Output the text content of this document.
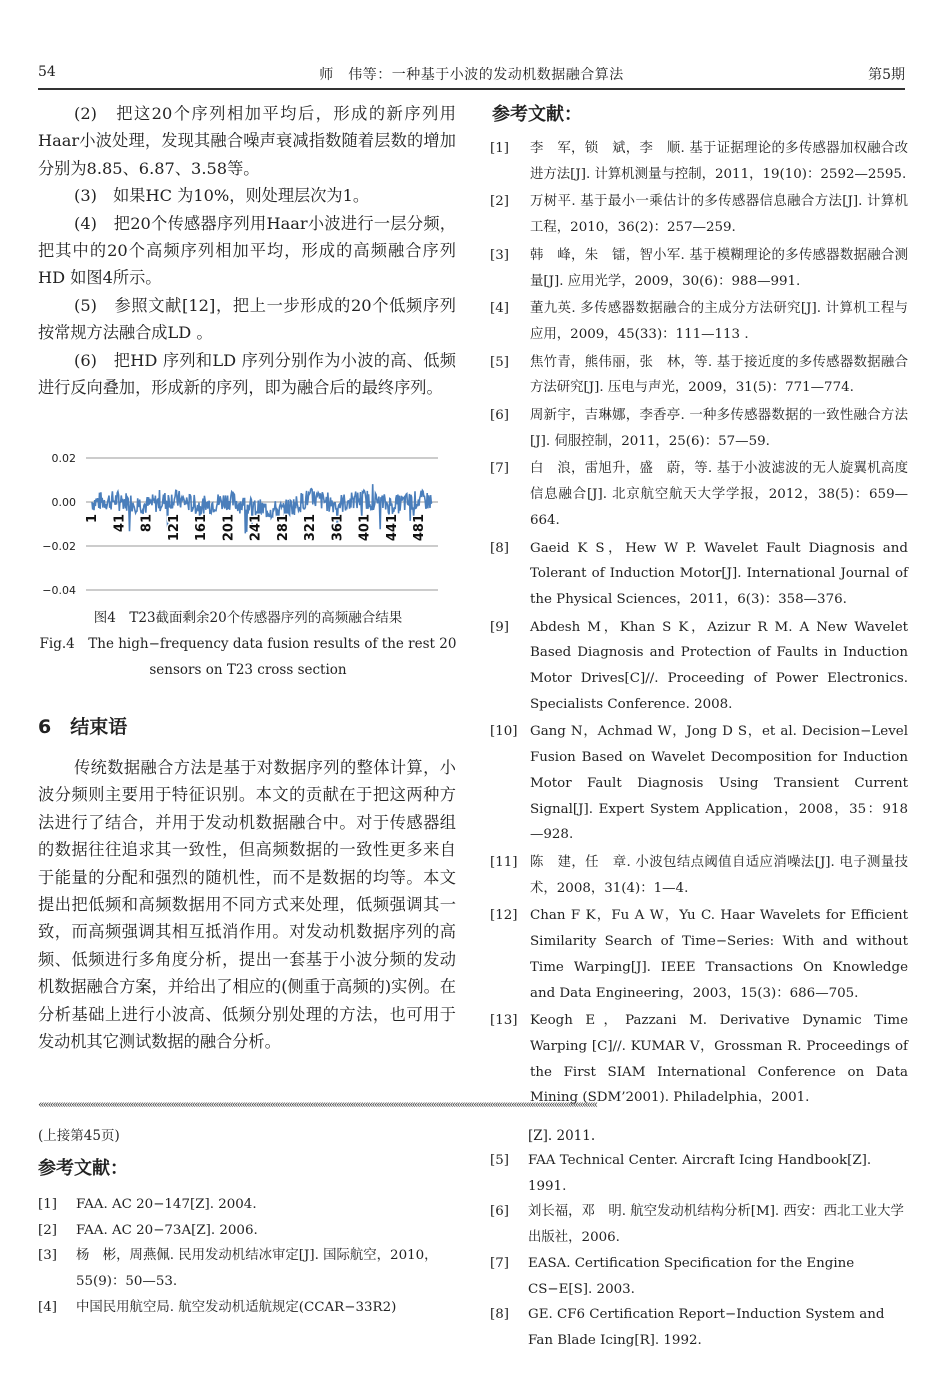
54	师　伟等：一种基于小波的发动机数据融合算法	第5期

(2)　把这20个序列相加平均后，形成的新序列用Haar小波处理，发现其融合噪声衰减指数随着层数的增加分别为8.85、6.87、3.58等。

(3)　如果HC 为10%，则处理层次为1。

(4)　把20个传感器序列用Haar小波进行一层分频，把其中的20个高频序列相加平均，形成的高频融合序列HD 如图4所示。

(5)　参照文献[12]，把上一步形成的20个低频序列按常规方法融合成LD 。

(6)　把HD 序列和LD 序列分别作为小波的高、低频进行反向叠加，形成新的序列，即为融合后的最终序列。

0.02
0.00
−0.02
−0.04
1 41 81 121 161 201 241 281 321 361 401 441 481
图4　T23截面剩余20个传感器序列的高频融合结果
Fig.4　The high−frequency data fusion results of the rest 20
sensors on T23 cross section
6　结束语

传统数据融合方法是基于对数据序列的整体计算，小波分频则主要用于特征识别。本文的贡献在于把这两种方法进行了结合，并用于发动机数据融合中。对于传感器组的数据往往追求其一致性，但高频数据的一致性更多来自于能量的分配和强烈的随机性，而不是数据的均等。本文提出把低频和高频数据用不同方式来处理，低频强调其一致，而高频强调其相互抵消作用。对发动机数据序列的高频、低频进行多角度分析，提出一套基于小波分频的发动机数据融合方案，并给出了相应的(侧重于高频的)实例。在分析基础上进行小波高、低频分别处理的方法，也可用于发动机其它测试数据的融合分析。

参考文献：
[1] 李　军，锁　斌，李　顺. 基于证据理论的多传感器加权融合改进方法[J]. 计算机测量与控制，2011，19(10)：2592—2595.
[2] 万树平. 基于最小一乘估计的多传感器信息融合方法[J]. 计算机工程，2010，36(2)：257—259.
[3] 韩　峰，朱　镭，智小军. 基于模糊理论的多传感器数据融合测量[J]. 应用光学，2009，30(6)：988—991.
[4] 董九英. 多传感器数据融合的主成分方法研究[J]. 计算机工程与应用，2009，45(33)：111—113 .
[5] 焦竹青，熊伟丽，张　林，等. 基于接近度的多传感器数据融合方法研究[J]. 压电与声光，2009，31(5)：771—774.
[6] 周新宇，吉琳娜，李香亭. 一种多传感器数据的一致性融合方法[J]. 伺服控制，2011，25(6)：57—59.
[7] 白　浪，雷旭升，盛　蔚，等. 基于小波滤波的无人旋翼机高度信息融合[J]. 北京航空航天大学学报，2012，38(5)：659—664.
[8] Gaeid K S，Hew W P. Wavelet Fault Diagnosis and Tolerant of Induction Motor[J]. International Journal of the Physical Sciences，2011，6(3)：358—376.
[9] Abdesh M，Khan S K，Azizur R M. A New Wavelet Based Diagnosis and Protection of Faults in Induction Motor Drives[C]//. Proceeding of Power Electronics. Specialists Conference. 2008.
[10] Gang N，Achmad W，Jong D S，et al. Decision−Level Fusion Based on Wavelet Decomposition for Induction Motor Fault Diagnosis Using Transient Current Signal[J]. Expert System Application，2008，35：918—928.
[11] 陈　建，任　章. 小波包结点阈值自适应消噪法[J]. 电子测量技术，2008，31(4)：1—4.
[12] Chan F K，Fu A W，Yu C. Haar Wavelets for Efficient Similarity Search of Time−Series: With and without Time Warping[J]. IEEE Transactions On Knowledge and Data Engineering，2003，15(3)：686—705.
[13] Keogh E，Pazzani M. Derivative Dynamic Time Warping [C]//. KUMAR V，Grossman R. Proceedings of the First SIAM International Conference on Data Mining (SDM’2001). Philadelphia，2001.
««««««««««««««««««««««««««««««««««««««««««««««««««««««««««««««««««««««««««««««««««««««««««««««««««««««««««««««««««««««
(上接第45页)
参考文献：
[1] FAA. AC 20−147[Z]. 2004.
[2] FAA. AC 20−73A[Z]. 2006.
[3] 杨　彬，周燕佩. 民用发动机结冰审定[J]. 国际航空，2010，55(9)：50—53.
[4] 中国民用航空局. 航空发动机适航规定(CCAR−33R2)
[Z]. 2011.
[5] FAA Technical Center. Aircraft Icing Handbook[Z]. 1991.
[6] 刘长福，邓　明. 航空发动机结构分析[M]. 西安：西北工业大学出版社，2006.
[7] EASA. Certification Specification for the Engine CS−E[S]. 2003.
[8] GE. CF6 Certification Report−Induction System and Fan Blade Icing[R]. 1992.
